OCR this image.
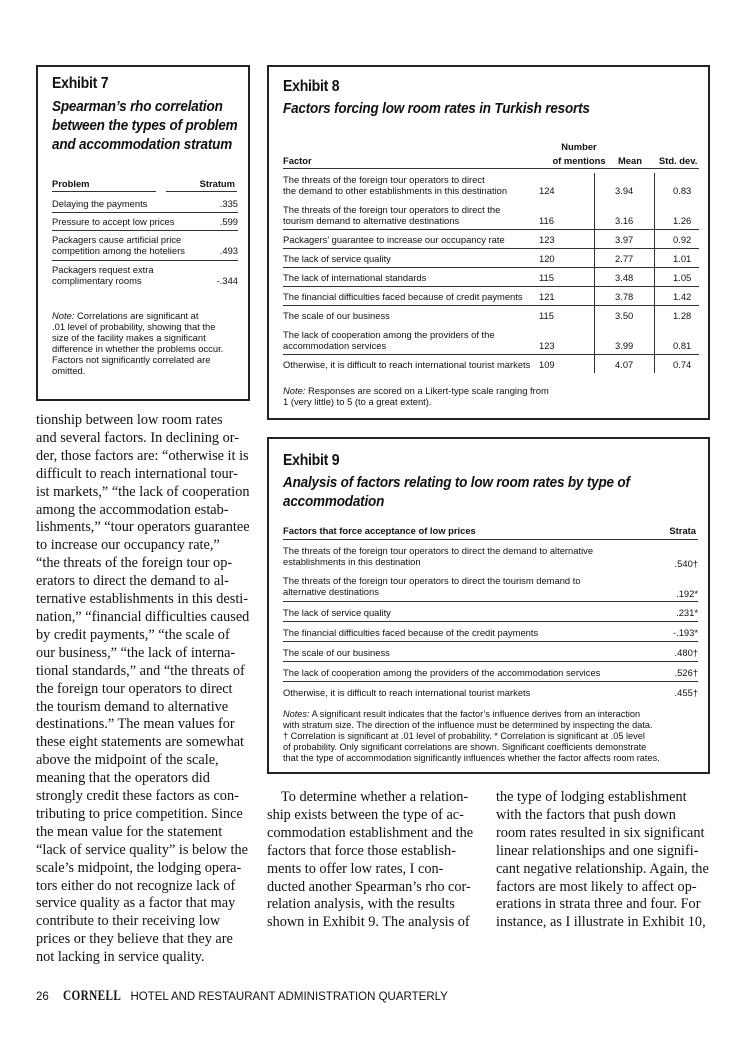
Exhibit 7
Spearman’s rho correlation
between the types of problem
and accommodation stratum
Problem	Stratum
Delaying the payments	.335
Pressure to accept low prices	.599
Packagers cause artificial price
competition among the hoteliers	.493
Packagers request extra
complimentary rooms	-.344
Note: Correlations are significant at
.01 level of probability, showing that the
size of the facility makes a significant
difference in whether the problems occur.
Factors not significantly correlated are
omitted.
Exhibit 8
Factors forcing low room rates in Turkish resorts
Factor
Number
of mentions	Mean Std. dev.
The threats of the foreign tour operators to direct
the demand to other establishments in this destination	124	3.94	0.83
The threats of the foreign tour operators to direct the
tourism demand to alternative destinations	116	3.16	1.26
Packagers’ guarantee to increase our occupancy rate	123	3.97	0.92
The lack of service quality	120	2.77	1.01
The lack of international standards	115	3.48	1.05
The financial difficulties faced because of credit payments	121	3.78	1.42
The scale of our business	115	3.50	1.28
The lack of cooperation among the providers of the
accommodation services	123	3.99	0.81
Otherwise, it is difficult to reach international tourist markets 109	4.07	0.74
Note: Responses are scored on a Likert-type scale ranging from
1 (very little) to 5 (to a great extent).

tionship between low room rates

and several factors. In declining or-

der, those factors are: “otherwise it is

difficult to reach international tour-

ist markets,” “the lack of cooperation

among the accommodation estab-

lishments,” “tour operators guarantee

to increase our occupancy rate,”

“the threats of the foreign tour op-

erators to direct the demand to al-

ternative establishments in this desti-

nation,” “financial difficulties caused

by credit payments,” “the scale of

our business,” “the lack of interna-

tional standards,” and “the threats of

the foreign tour operators to direct

the tourism demand to alternative

destinations.” The mean values for

these eight statements are somewhat

above the midpoint of the scale,

meaning that the operators did

strongly credit these factors as con-

tributing to price competition. Since

the mean value for the statement

“lack of service quality” is below the

scale’s midpoint, the lodging opera-

tors either do not recognize lack of

service quality as a factor that may

contribute to their receiving low

prices or they believe that they are

not lacking in service quality.

Exhibit 9
Analysis of factors relating to low room rates by type of
accommodation
Factors that force acceptance of low prices	Strata
The threats of the foreign tour operators to direct the demand to alternative
establishments in this destination	.540†
The threats of the foreign tour operators to direct the tourism demand to
alternative destinations	.192*
The lack of service quality	.231*
The financial difficulties faced because of the credit payments	-.193*
The scale of our business	.480†
The lack of cooperation among the providers of the accommodation services	.526†
Otherwise, it is difficult to reach international tourist markets	.455†
Notes: A significant result indicates that the factor’s influence derives from an interaction
with stratum size. The direction of the influence must be determined by inspecting the data.
† Correlation is significant at .01 level of probability. * Correlation is significant at .05 level
of probability. Only significant correlations are shown. Significant coefficients demonstrate
that the type of accommodation significantly influences whether the factor affects room rates.

To determine whether a relation-

ship exists between the type of ac-

commodation establishment and the

factors that force those establish-

ments to offer low rates, I con-

ducted another Spearman’s rho cor-

relation analysis, with the results

shown in Exhibit 9. The analysis of

the type of lodging establishment

with the factors that push down

room rates resulted in six significant

linear relationships and one signifi-

cant negative relationship. Again, the

factors are most likely to affect op-

erations in strata three and four. For

instance, as I illustrate in Exhibit 10,

26 CORNELL HOTEL AND RESTAURANT ADMINISTRATION QUARTERLY
